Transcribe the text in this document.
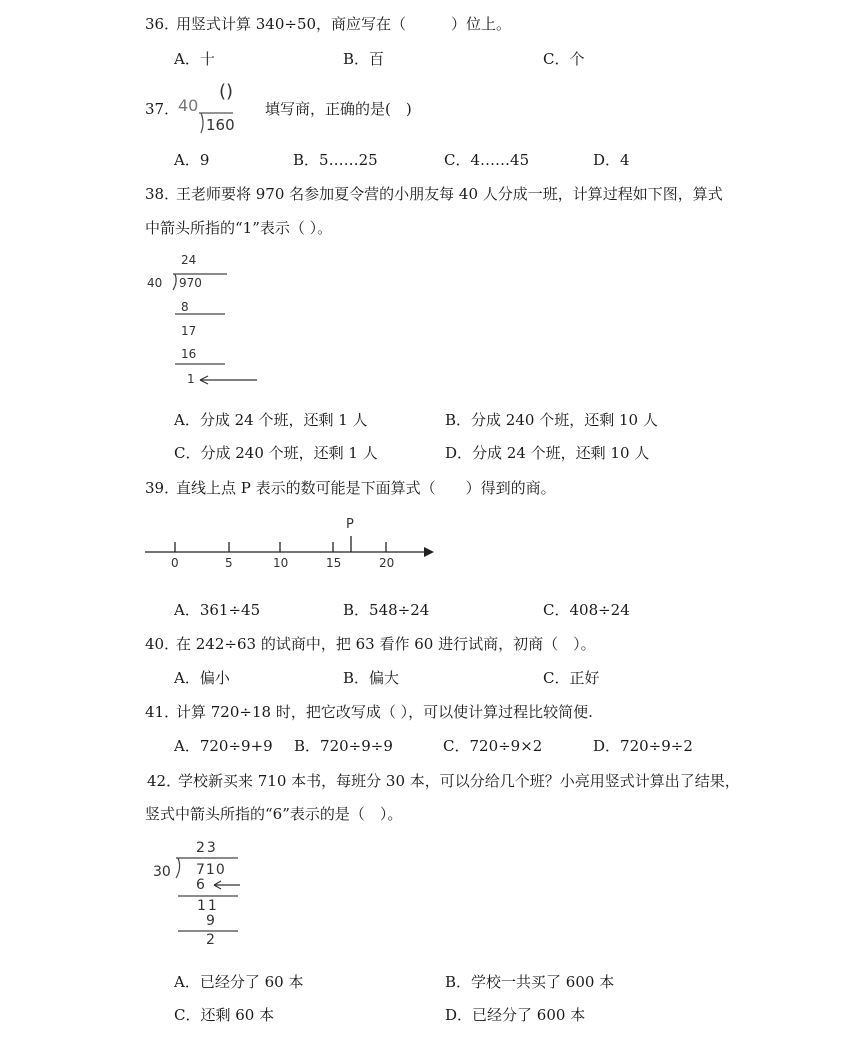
36．
用竖式计算 340÷50，商应写在（　　　）位上。
A．十	B．百	C．个
37．
40
()
160
填写商，正确的是(　)
A．9	B．5……25	C．4……45	D．4
38．
王老师要将 970 名参加夏令营的小朋友每 40 人分成一班，计算过程如下图，算式
中箭头所指的“1”表示（ ）。
24
40 970
8
17
16
1
A．分成 24 个班，还剩 1 人	B．分成 240 个班，还剩 10 人
C．分成 240 个班，还剩 1 人	D．分成 24 个班，还剩 10 人
39．
直线上点 P 表示的数可能是下面算式（　　）得到的商。
P
0	5	10	15	20
A．361÷45	B．548÷24	C．408÷24
40．
在 242÷63 的试商中，把 63 看作 60 进行试商，初商（　）。
A．偏小	B．偏大	C．正好
41．
计算 720÷18 时，把它改写成（ ），可以使计算过程比较简便.
A．720÷9+9 B．720÷9÷9	C．720÷9×2	D．720÷9÷2
42．
学校新买来 710 本书，每班分 30 本，可以分给几个班？小亮用竖式计算出了结果，
竖式中箭头所指的“6”表示的是（　）。
23
30 710
6
11
9
2
A．已经分了 60 本	B．学校一共买了 600 本
C．还剩 60 本	D．已经分了 600 本
